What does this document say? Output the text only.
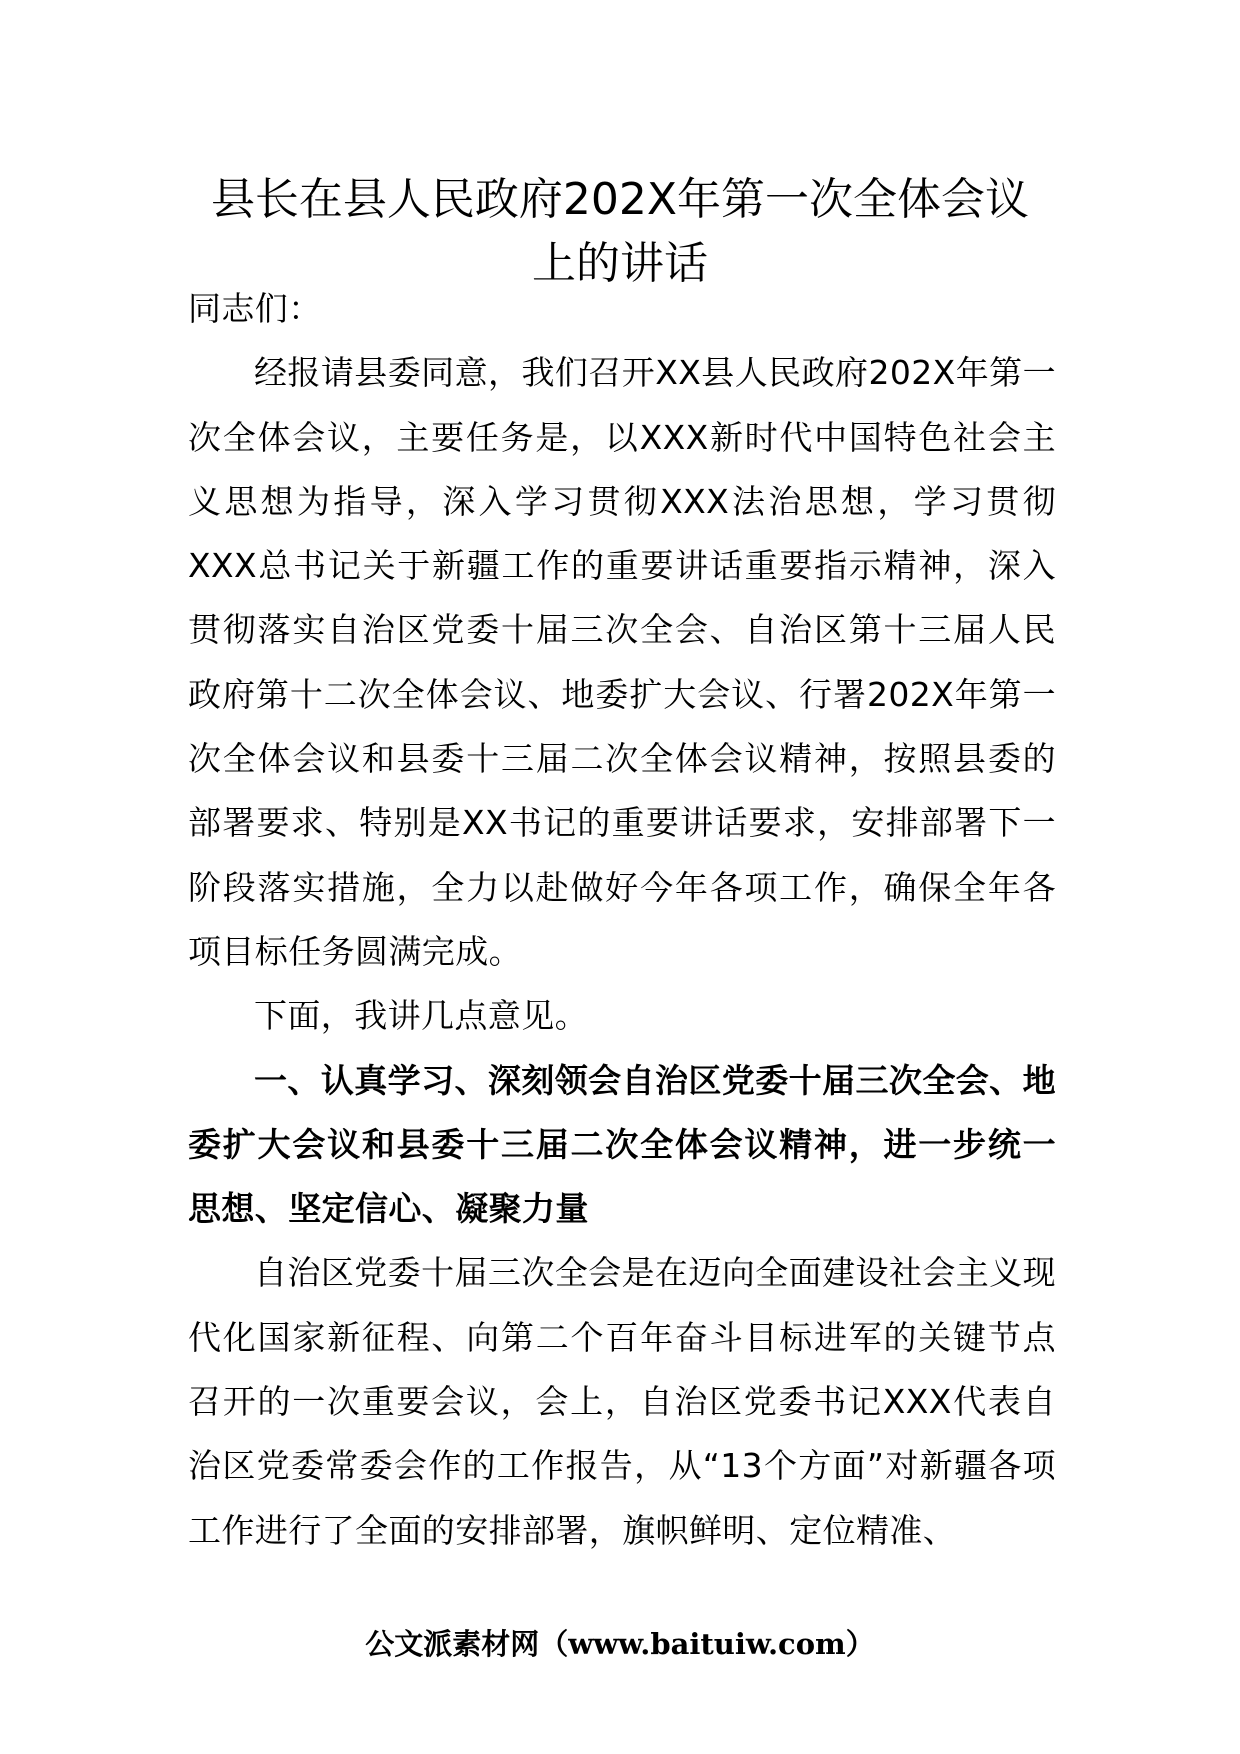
县长在县人民政府202X年第一次全体会议
上的讲话

同志们：

经报请县委同意，我们召开XX县人民政府202X年第一次全体会议，主要任务是，以XXX新时代中国特色社会主义思想为指导，深入学习贯彻XXX法治思想，学习贯彻XXX总书记关于新疆工作的重要讲话重要指示精神，深入贯彻落实自治区党委十届三次全会、自治区第十三届人民政府第十二次全体会议、地委扩大会议、行署202X年第一次全体会议和县委十三届二次全体会议精神，按照县委的部署要求、特别是XX书记的重要讲话要求，安排部署下一阶段落实措施，全力以赴做好今年各项工作，确保全年各项目标任务圆满完成。

下面，我讲几点意见。

一、认真学习、深刻领会自治区党委十届三次全会、地委扩大会议和县委十三届二次全体会议精神，进一步统一思想、坚定信心、凝聚力量

自治区党委十届三次全会是在迈向全面建设社会主义现代化国家新征程、向第二个百年奋斗目标进军的关键节点召开的一次重要会议，会上，自治区党委书记XXX代表自治区党委常委会作的工作报告，从“13个方面”对新疆各项工作进行了全面的安排部署，旗帜鲜明、定位精准、

公文派素材网（www.baituiw.com）
